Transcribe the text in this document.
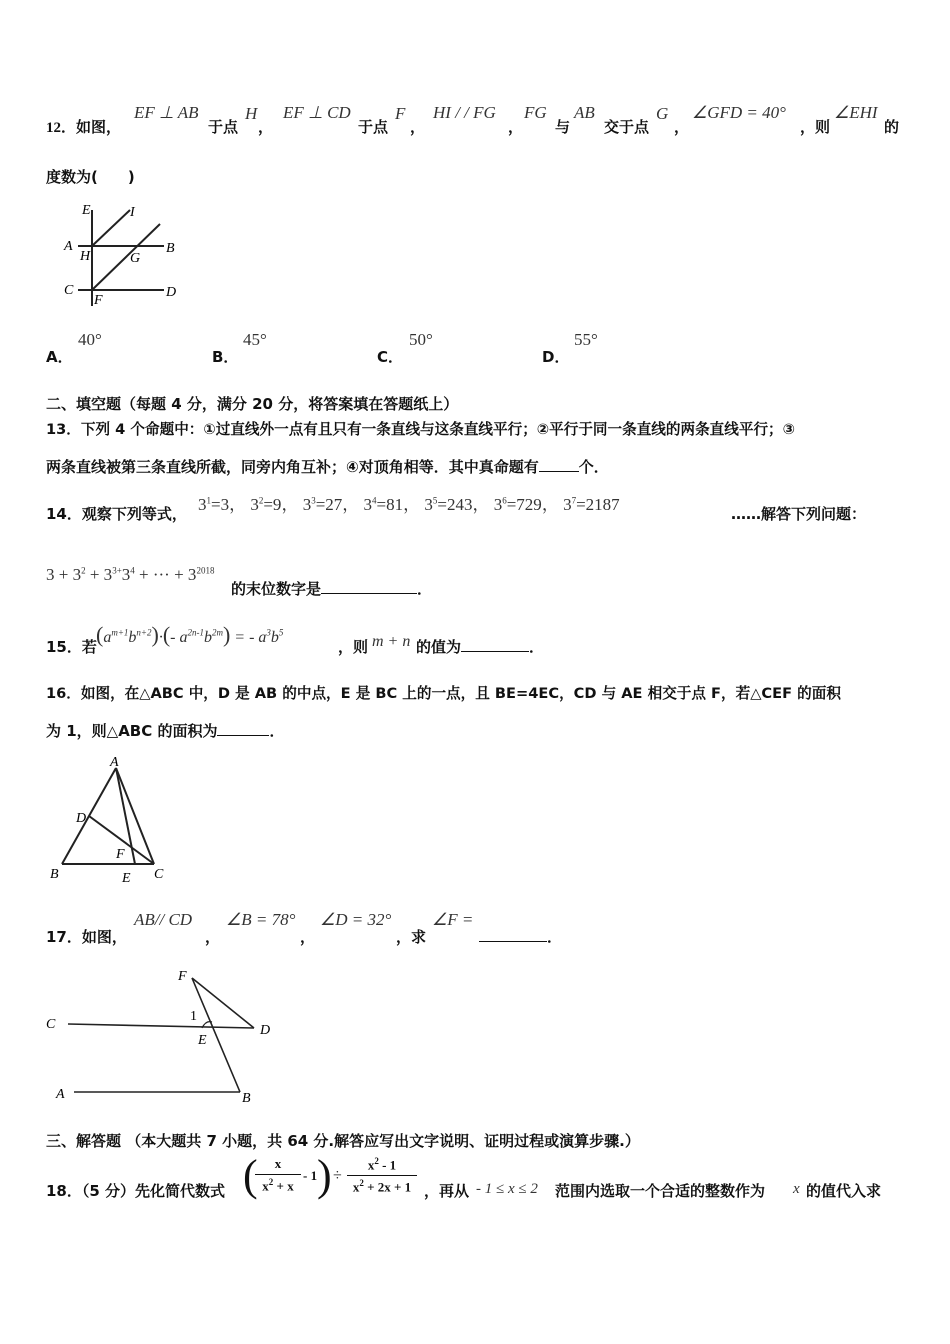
12．如图，
EF ⊥ AB
于点
H
，
EF ⊥ CD
于点
F
，
HI / / FG
，
FG
与
AB
交于点
G
，
∠GFD = 40°
，则
∠EHI
的
度数为(　　)
E	I
A
H	G
B
C
F
D
A．
40°
B．
45°
C．
50°
D．
55°
二、填空题（每题 4 分，满分 20 分，将答案填在答题纸上）
13．下列 4 个命题中：①过直线外一点有且只有一条直线与这条直线平行；②平行于同一条直线的两条直线平行；③
两条直线被第三条直线所截，同旁内角互补；④对顶角相等．其中真命题有	个．
14．观察下列等式， $3^1=3$， $3^2=9$， $3^3=27$， $3^4=81$， $3^5=243$， $3^6=729$， $3^7=2187$	……解答下列问题：
$3 + 3^2 + 3^{3+}3^4$ + ··· + $3^{2018}$
的末位数字是	．
15．若 $(a^{m+1}b^{n+2})\cdot(-$ $a^{2n-1}b^{2m}$) = - $a^3b^5$
，则 m + n 的值为	．
16．如图，在△ABC 中，D 是 AB 的中点，E 是 BC 上的一点，且 BE=4EC，CD 与 AE 相交于点 F，若△CEF 的面积
为 1，则△ABC 的面积为	．
A
D
F
B	E C
17．如图，
AB// CD
，
∠B = 78°
，
∠D = 32°
，求
∠F =
．
F
C
1
E
D
A	B
三、解答题 （本大题共 7 小题，共 64 分.解答应写出文字说明、证明过程或演算步骤.）
18．（5 分）先化简代数式 (
$\frac{x}{x^2 + x} - 1$ ) ÷ $\frac{x^2 - 1}{x^2 + 2x + 1}$ ，再从 - 1 ≤ x ≤ 2 范围内选取一个合适的整数作为 x 的值代入求
